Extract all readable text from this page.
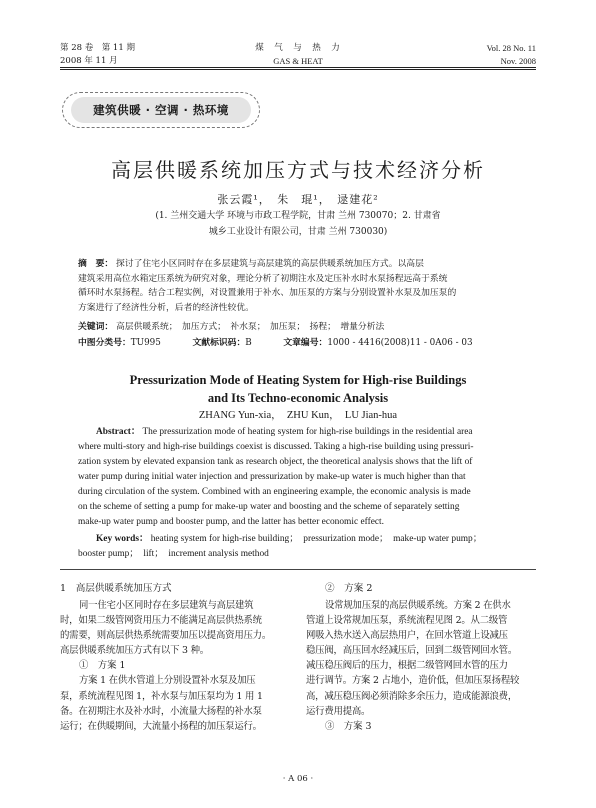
第 28 卷　第 11 期
2008 年 11 月
煤　气　与　热　力
GAS & HEAT
Vol. 28 No. 11
Nov. 2008
建筑供暖 · 空调 · 热环境
高层供暖系统加压方式与技术经济分析
张云霞¹，　朱　琨¹，　逯建花²
(1. 兰州交通大学 环境与市政工程学院，甘肃 兰州 730070；2. 甘肃省
城乡工业设计有限公司，甘肃 兰州 730030)
摘　要： 探讨了住宅小区同时存在多层建筑与高层建筑的高层供暖系统加压方式。以高层
建筑采用高位水箱定压系统为研究对象，理论分析了初期注水及定压补水时水泵扬程远高于系统
循环时水泵扬程。结合工程实例，对设置兼用于补水、加压泵的方案与分别设置补水泵及加压泵的
方案进行了经济性分析，后者的经济性较优。
关键词： 高层供暖系统；　加压方式；　补水泵；　加压泵；　扬程；　增量分析法
中图分类号：TU995	文献标识码：B	文章编号：1000 - 4416(2008)11 - 0A06 - 03
Pressurization Mode of Heating System for High-rise Buildings
and Its Techno-economic Analysis
ZHANG Yun-xia，　ZHU Kun，　LU Jian-hua
Abstract： The pressurization mode of heating system for high-rise buildings in the residential area
where multi-story and high-rise buildings coexist is discussed. Taking a high-rise building using pressuri-
zation system by elevated expansion tank as research object, the theoretical analysis shows that the lift of
water pump during initial water injection and pressurization by make-up water is much higher than that
during circulation of the system. Combined with an engineering example, the economic analysis is made
on the scheme of setting a pump for make-up water and boosting and the scheme of separately setting
make-up water pump and booster pump, and the latter has better economic effect.
Key words： heating system for high-rise building；　pressurization mode；　make-up water pump；
booster pump；　lift；　increment analysis method
1　高层供暖系统加压方式
同一住宅小区同时存在多层建筑与高层建筑
时，如果二级管网资用压力不能满足高层供热系统
的需要，则高层供热系统需要加压以提高资用压力。
高层供暖系统加压方式有以下 3 种。
①　方案 1
方案 1 在供水管道上分别设置补水泵及加压
泵，系统流程见图 1，补水泵与加压泵均为 1 用 1
备。在初期注水及补水时，小流量大扬程的补水泵
运行；在供暖期间，大流量小扬程的加压泵运行。
②　方案 2
设常规加压泵的高层供暖系统。方案 2 在供水
管道上设常规加压泵，系统流程见图 2。从二级管
网吸入热水送入高层热用户，在回水管道上设减压
稳压阀，高压回水经减压后，回到二级管网回水管。
减压稳压阀后的压力，根据二级管网回水管的压力
进行调节。方案 2 占地小，造价低，但加压泵扬程较
高，减压稳压阀必须消除多余压力，造成能源浪费，
运行费用提高。
③　方案 3
· A 06 ·
